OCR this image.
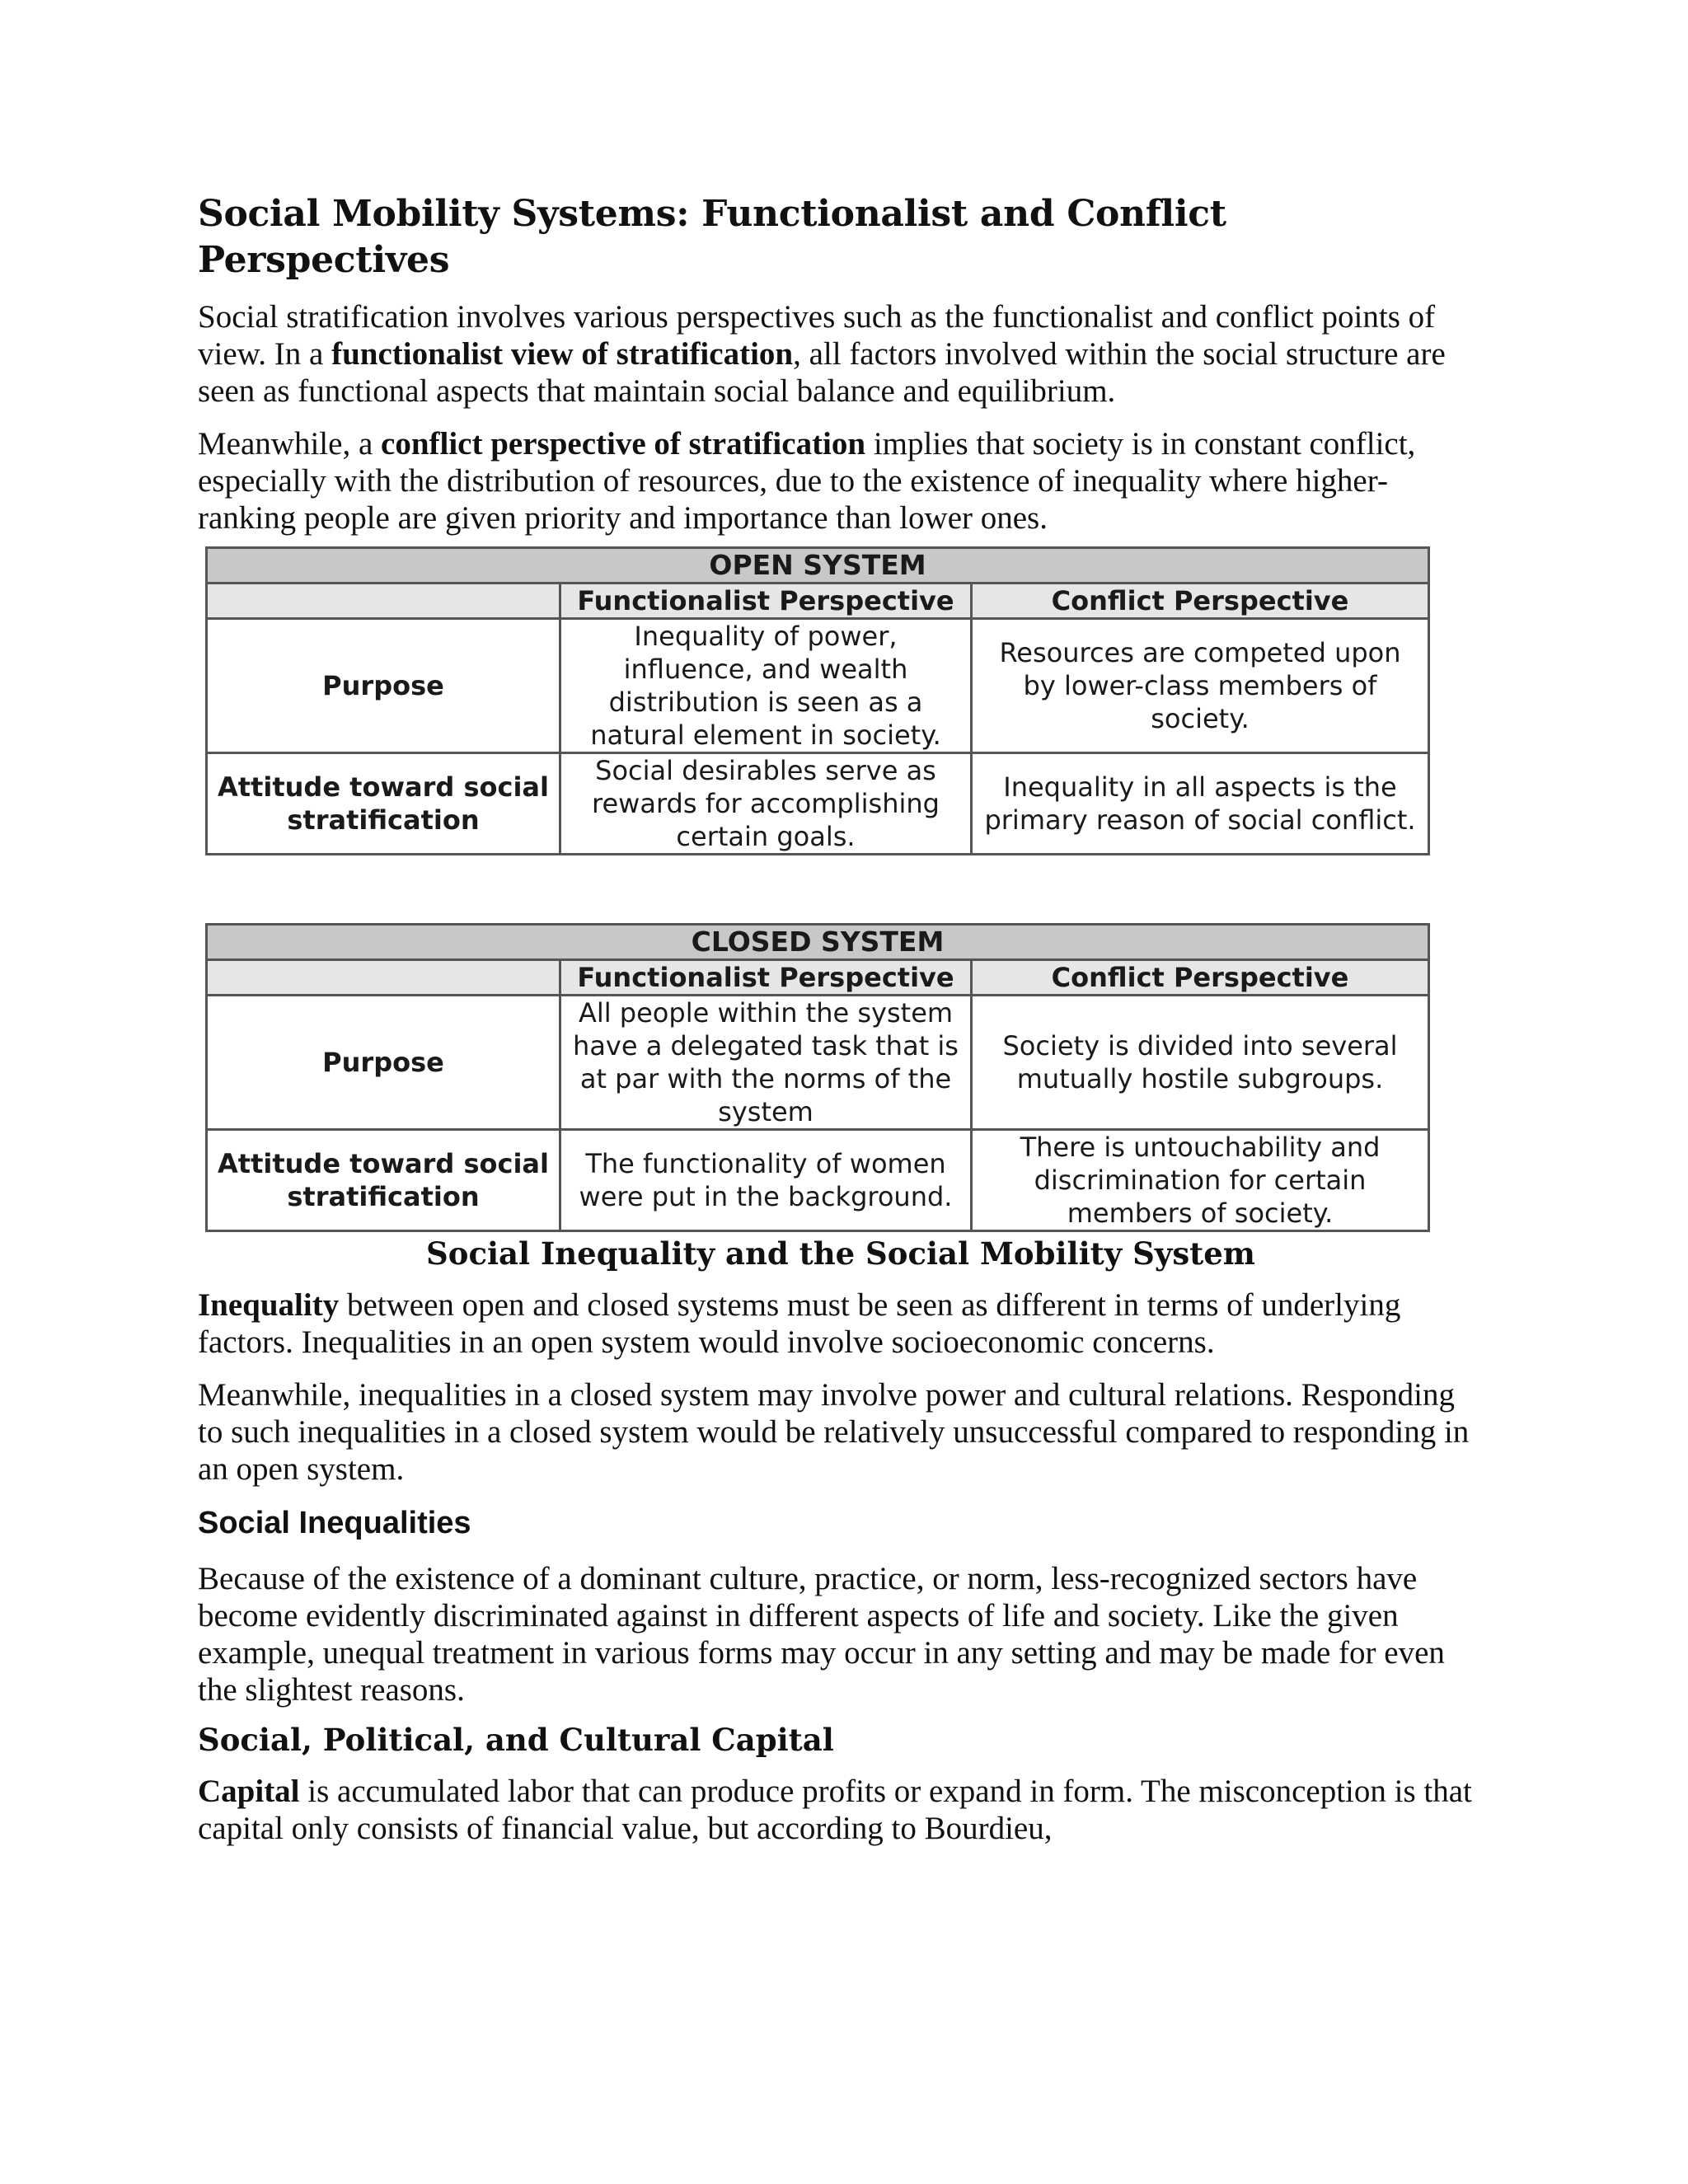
Social Mobility Systems: Functionalist and Conflict Perspectives

Social stratification involves various perspectives such as the functionalist and conflict points of view. In a functionalist view of stratification, all factors involved within the social structure are seen as functional aspects that maintain social balance and equilibrium.

Meanwhile, a conflict perspective of stratification implies that society is in constant conflict, especially with the distribution of resources, due to the existence of inequality where higher-ranking people are given priority and importance than lower ones.

OPEN SYSTEM		
	Functionalist Perspective	Conflict Perspective
Purpose	Inequality of power, influence, and wealth distribution is seen as a natural element in society.	Resources are competed upon by lower-class members of society.
Attitude toward social stratification	Social desirables serve as rewards for accomplishing certain goals.	Inequality in all aspects is the primary reason of social conflict.
CLOSED SYSTEM		
	Functionalist Perspective	Conflict Perspective
Purpose	All people within the system have a delegated task that is at par with the norms of the system	Society is divided into several mutually hostile subgroups.
Attitude toward social stratification	The functionality of women were put in the background.	There is untouchability and discrimination for certain members of society.
Social Inequality and the Social Mobility System

Inequality between open and closed systems must be seen as different in terms of underlying factors. Inequalities in an open system would involve socioeconomic concerns.

Meanwhile, inequalities in a closed system may involve power and cultural relations. Responding to such inequalities in a closed system would be relatively unsuccessful compared to responding in an open system.

Social Inequalities

Because of the existence of a dominant culture, practice, or norm, less-recognized sectors have become evidently discriminated against in different aspects of life and society. Like the given example, unequal treatment in various forms may occur in any setting and may be made for even the slightest reasons.

Social, Political, and Cultural Capital

Capital is accumulated labor that can produce profits or expand in form. The misconception is that capital only consists of financial value, but according to Bourdieu,
